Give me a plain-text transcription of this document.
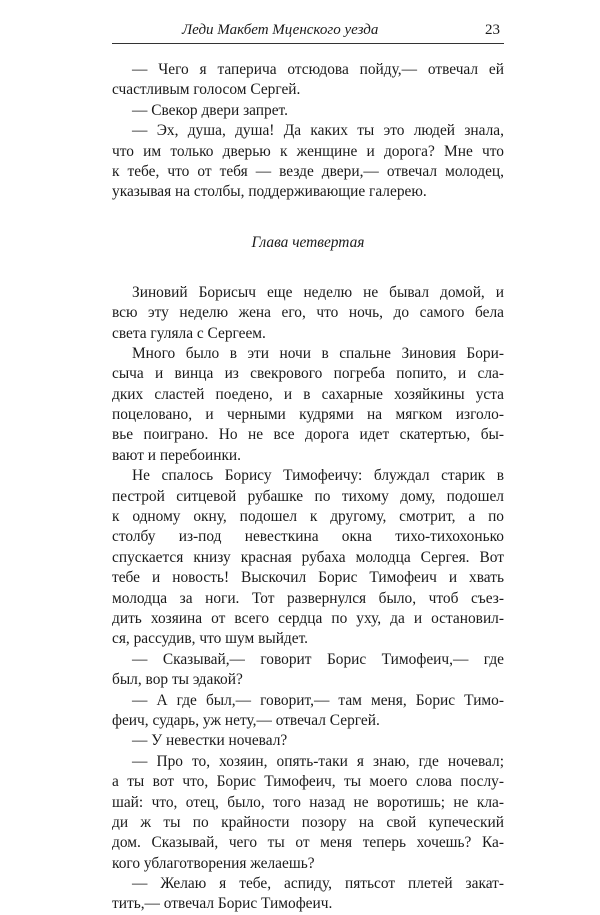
Леди Макбет Мценского уезда	23
— Чего я таперича отсюдова пойду,— отвечал ей
счастливым голосом Сергей.
— Свекор двери запрет.
— Эх, душа, душа! Да каких ты это людей знала,
что им только дверью к женщине и дорога? Мне что
к тебе, что от тебя — везде двери,— отвечал молодец,
указывая на столбы, поддерживающие галерею.
Глава четвертая
Зиновий Борисыч еще неделю не бывал домой, и
всю эту неделю жена его, что ночь, до самого бела
света гуляла с Сергеем.
Много было в эти ночи в спальне Зиновия Бори-
сыча и винца из свекрового погреба попито, и сла-
дких сластей поедено, и в сахарные хозяйкины уста
поцеловано, и черными кудрями на мягком изголо-
вье поиграно. Но не все дорога идет скатертью, бы-
вают и перебоинки.
Не спалось Борису Тимофеичу: блуждал старик в
пестрой ситцевой рубашке по тихому дому, подошел
к одному окну, подошел к другому, смотрит, а по
столбу из-под невесткина окна тихо-тихохонько
спускается книзу красная рубаха молодца Сергея. Вот
тебе и новость! Выскочил Борис Тимофеич и хвать
молодца за ноги. Тот развернулся было, чтоб съез-
дить хозяина от всего сердца по уху, да и остановил-
ся, рассудив, что шум выйдет.
— Сказывай,— говорит Борис Тимофеич,— где
был, вор ты эдакой?
— А где был,— говорит,— там меня, Борис Тимо-
феич, сударь, уж нету,— отвечал Сергей.
— У невестки ночевал?
— Про то, хозяин, опять-таки я знаю, где ночевал;
а ты вот что, Борис Тимофеич, ты моего слова послу-
шай: что, отец, было, того назад не воротишь; не кла-
ди ж ты по крайности позору на свой купеческий
дом. Сказывай, чего ты от меня теперь хочешь? Ка-
кого ублаготворения желаешь?
— Желаю я тебе, аспиду, пятьсот плетей закат-
тить,— отвечал Борис Тимофеич.
